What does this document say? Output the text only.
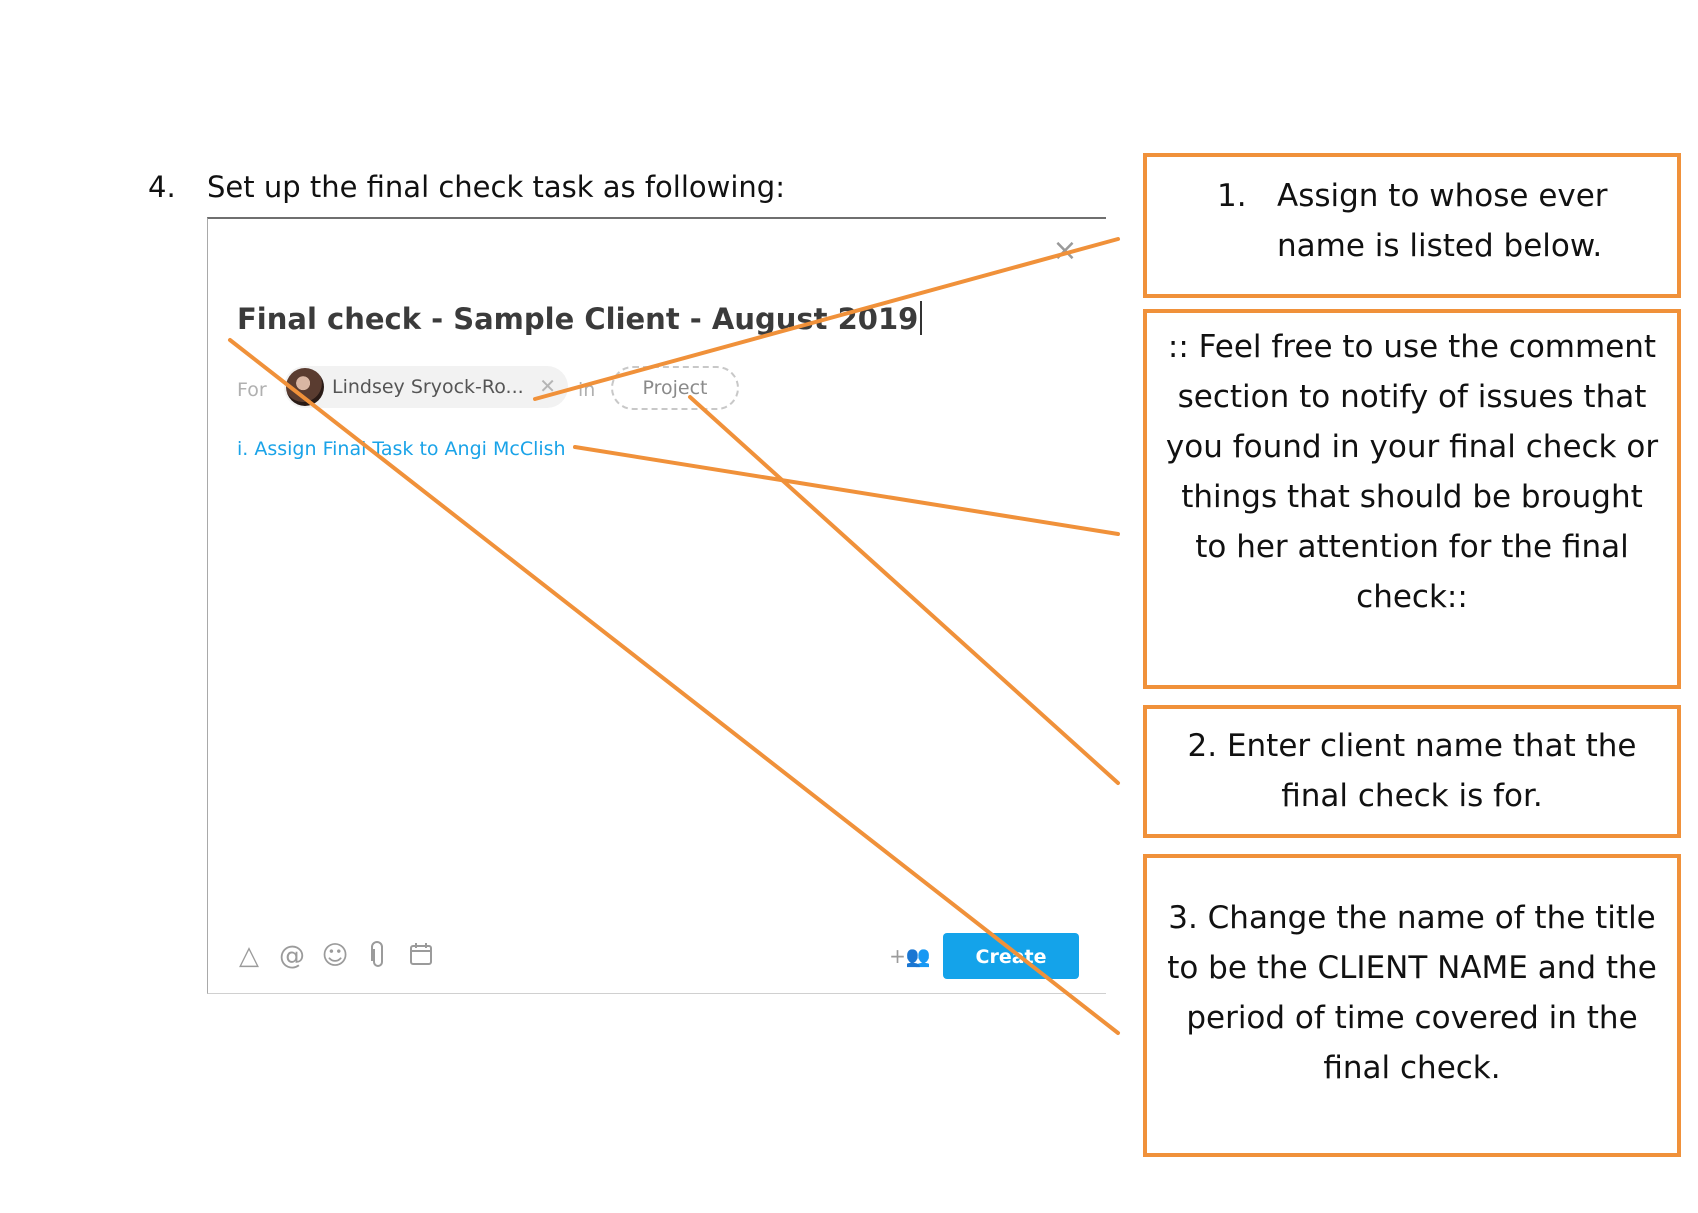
4. Set up the final check task as following:
×
Final check - Sample Client - August 2019
For	Lindsey Sryock-Ro... ✕ in	Project
i. Assign Final Task to Angi McClish
△ @ ☺	+👥	Create Task
1. Assign to whose ever name is listed below.
:: Feel free to use the comment section to notify of issues that you found in your final check or things that should be brought to her attention for the final check::
2. Enter client name that the final check is for.
3. Change the name of the title to be the CLIENT NAME and the period of time covered in the final check.
